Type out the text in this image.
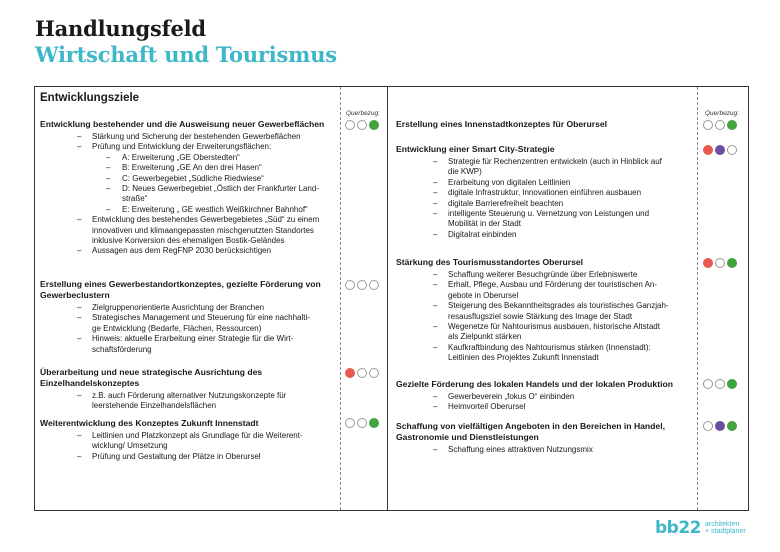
Handlungsfeld
Wirtschaft und Tourismus
Entwicklungsziele
Querbezug:	Querbezug:
Entwicklung bestehender und die Ausweisung neuer Gewerbeflächen
– Stärkung und Sicherung der bestehenden Gewerbeflächen
– Prüfung und Entwicklung der Erweiterungsflächen:
– A: Erweiterung „GE Oberstedten“
– B: Erweiterung „GE An den drei Hasen“
– C: Gewerbegebiet „Südliche Riedwiese“
– D: Neues Gewerbegebiet „Östlich der Frankfurter Land-
straße“
– E: Erweiterung „ GE westlich Weißkirchner Bahnhof“
– Entwicklung des bestehendes Gewerbegebietes „Süd“ zu einem
innovativen und klimaangepassten mischgenutzten Standortes
inklusive Konversion des ehemaligen Bostik-Geländes
– Aussagen aus dem RegFNP 2030 berücksichtigen
Erstellung eines Gewerbestandortkonzeptes, gezielte Förderung von Gewerbeclustern
– Zielgruppenorientierte Ausrichtung der Branchen
– Strategisches Management und Steuerung für eine nachhalti-
ge Entwicklung (Bedarfe, Flächen, Ressourcen)
– Hinweis: aktuelle Erarbeitung einer Strategie für die Wirt-
schaftsförderung
Überarbeitung und neue strategische Ausrichtung des Einzelhandelskonzeptes
– z.B. auch Förderung alternativer Nutzungskonzepte für
leerstehende Einzelhandelsflächen
Weiterentwicklung des Konzeptes Zukunft Innenstadt
– Leitlinien und Platzkonzept als Grundlage für die Weiterent-
wicklung/ Umsetzung
– Prüfung und Gestaltung der Plätze in Oberursel
Erstellung eines Innenstadtkonzeptes für Oberursel
Entwicklung einer Smart City-Strategie
– Strategie für Rechenzentren entwickeln (auch in Hinblick auf
die KWP)
– Erarbeitung von digitalen Leitlinien
– digitale Infrastruktur, Innovationen einführen ausbauen
– digitale Barrierefreiheit beachten
– intelligente Steuerung u. Vernetzung von Leistungen und
Mobilität in der Stadt
– Digitalrat einbinden
Stärkung des Tourismusstandortes Oberursel
– Schaffung weiterer Besuchgründe über Erlebniswerte
– Erhalt, Pflege, Ausbau und Förderung der touristischen An-
gebote in Oberursel
– Steigerung des Bekanntheitsgrades als touristisches Ganzjah-
resausflugsziel sowie Stärkung des Image der Stadt
– Wegenetze für Nahtourismus ausbauen, historische Altstadt
als Zielpunkt stärken
– Kaufkraftbindung des Nahtourismus stärken (Innenstadt):
Leitlinien des Projektes Zukunft Innenstadt
Gezielte Förderung des lokalen Handels und der lokalen Produktion
– Gewerbeverein „fokus O“ einbinden
– Heimvorteil Oberursel
Schaffung von vielfältigen Angeboten in den Bereichen in Handel, Gastronomie und Dienstleistungen
– Schaffung eines attraktiven Nutzungsmix
bb22 architekten
+ stadtplaner
